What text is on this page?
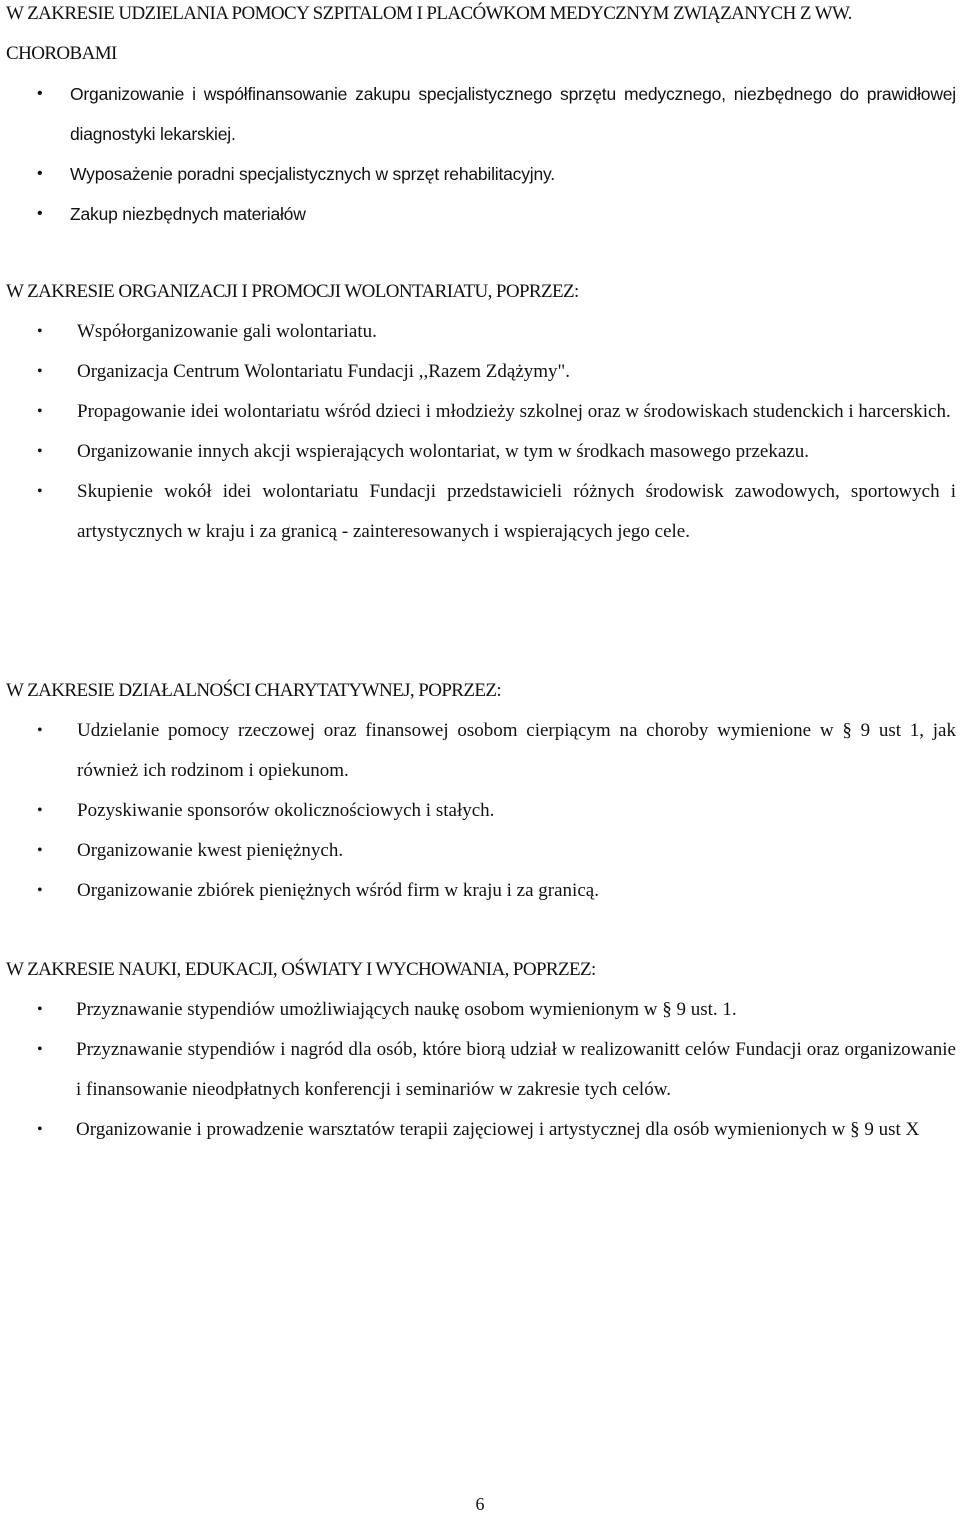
W ZAKRESIE UDZIELANIA POMOCY SZPITALOM I PLACÓWKOM MEDYCZNYM ZWIĄZANYCH Z WW. CHOROBAMI
• Organizowanie i współfinansowanie zakupu specjalistycznego sprzętu medycznego, niezbędnego do prawidłowej diagnostyki lekarskiej.
• Wyposażenie poradni specjalistycznych w sprzęt rehabilitacyjny.
• Zakup niezbędnych materiałów
W ZAKRESIE ORGANIZACJI I PROMOCJI WOLONTARIATU, POPRZEZ:
• Współorganizowanie gali wolontariatu.
• Organizacja Centrum Wolontariatu Fundacji ,,Razem Zdążymy".
• Propagowanie idei wolontariatu wśród dzieci i młodzieży szkolnej oraz w środowiskach studenckich i harcerskich.
• Organizowanie innych akcji wspierających wolontariat, w tym w środkach masowego przekazu.
• Skupienie wokół idei wolontariatu Fundacji przedstawicieli różnych środowisk zawodowych, sportowych i artystycznych w kraju i za granicą - zainteresowanych i wspierających jego cele.
W ZAKRESIE DZIAŁALNOŚCI CHARYTATYWNEJ, POPRZEZ:
• Udzielanie pomocy rzeczowej oraz finansowej osobom cierpiącym na choroby wymienione w § 9 ust 1, jak również ich rodzinom i opiekunom.
• Pozyskiwanie sponsorów okolicznościowych i stałych.
• Organizowanie kwest pieniężnych.
• Organizowanie zbiórek pieniężnych wśród firm w kraju i za granicą.
W ZAKRESIE NAUKI, EDUKACJI, OŚWIATY I WYCHOWANIA, POPRZEZ:
• Przyznawanie stypendiów umożliwiających naukę osobom wymienionym w § 9 ust. 1.
• Przyznawanie stypendiów i nagród dla osób, które biorą udział w realizowanitt celów Fundacji oraz organizowanie i finansowanie nieodpłatnych konferencji i seminariów w zakresie tych celów.
• Organizowanie i prowadzenie warsztatów terapii zajęciowej i artystycznej dla osób wymienionych w § 9 ust X
6
